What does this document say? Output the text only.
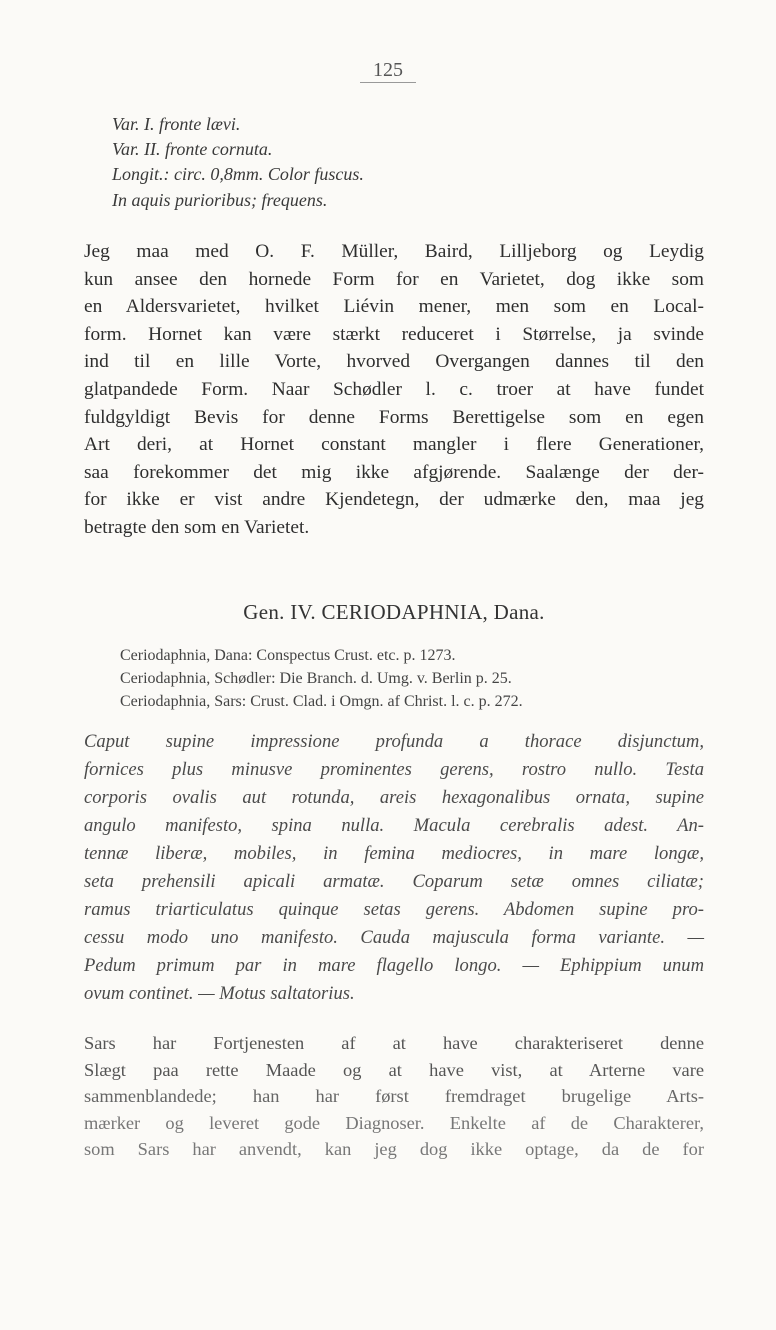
125
Var. I. fronte lævi.
Var. II. fronte cornuta.
Longit.: circ. 0,8mm. Color fuscus.
In aquis purioribus; frequens.
Jeg maa med O. F. Müller, Baird, Lilljeborg og Leydig
kun ansee den hornede Form for en Varietet, dog ikke som
en Aldersvarietet, hvilket Liévin mener, men som en Local-
form. Hornet kan være stærkt reduceret i Størrelse, ja svinde
ind til en lille Vorte, hvorved Overgangen dannes til den
glatpandede Form. Naar Schødler l. c. troer at have fundet
fuldgyldigt Bevis for denne Forms Berettigelse som en egen
Art deri, at Hornet constant mangler i flere Generationer,
saa forekommer det mig ikke afgjørende. Saalænge der der-
for ikke er vist andre Kjendetegn, der udmærke den, maa jeg
betragte den som en Varietet.
Gen. IV. CERIODAPHNIA, Dana.
Ceriodaphnia, Dana: Conspectus Crust. etc. p. 1273.
Ceriodaphnia, Schødler: Die Branch. d. Umg. v. Berlin p. 25.
Ceriodaphnia, Sars: Crust. Clad. i Omgn. af Christ. l. c. p. 272.
Caput supine impressione profunda a thorace disjunctum,
fornices plus minusve prominentes gerens, rostro nullo. Testa
corporis ovalis aut rotunda, areis hexagonalibus ornata, supine
angulo manifesto, spina nulla. Macula cerebralis adest. An-
tennæ liberæ, mobiles, in femina mediocres, in mare longæ,
seta prehensili apicali armatæ. Coparum setæ omnes ciliatæ;
ramus triarticulatus quinque setas gerens. Abdomen supine pro-
cessu modo uno manifesto. Cauda majuscula forma variante. —
Pedum primum par in mare flagello longo. — Ephippium unum
ovum continet. — Motus saltatorius.
Sars har Fortjenesten af at have charakteriseret denne
Slægt paa rette Maade og at have vist, at Arterne vare
sammenblandede; han har først fremdraget brugelige Arts-
mærker og leveret gode Diagnoser. Enkelte af de Charakterer,
som Sars har anvendt, kan jeg dog ikke optage, da de for
